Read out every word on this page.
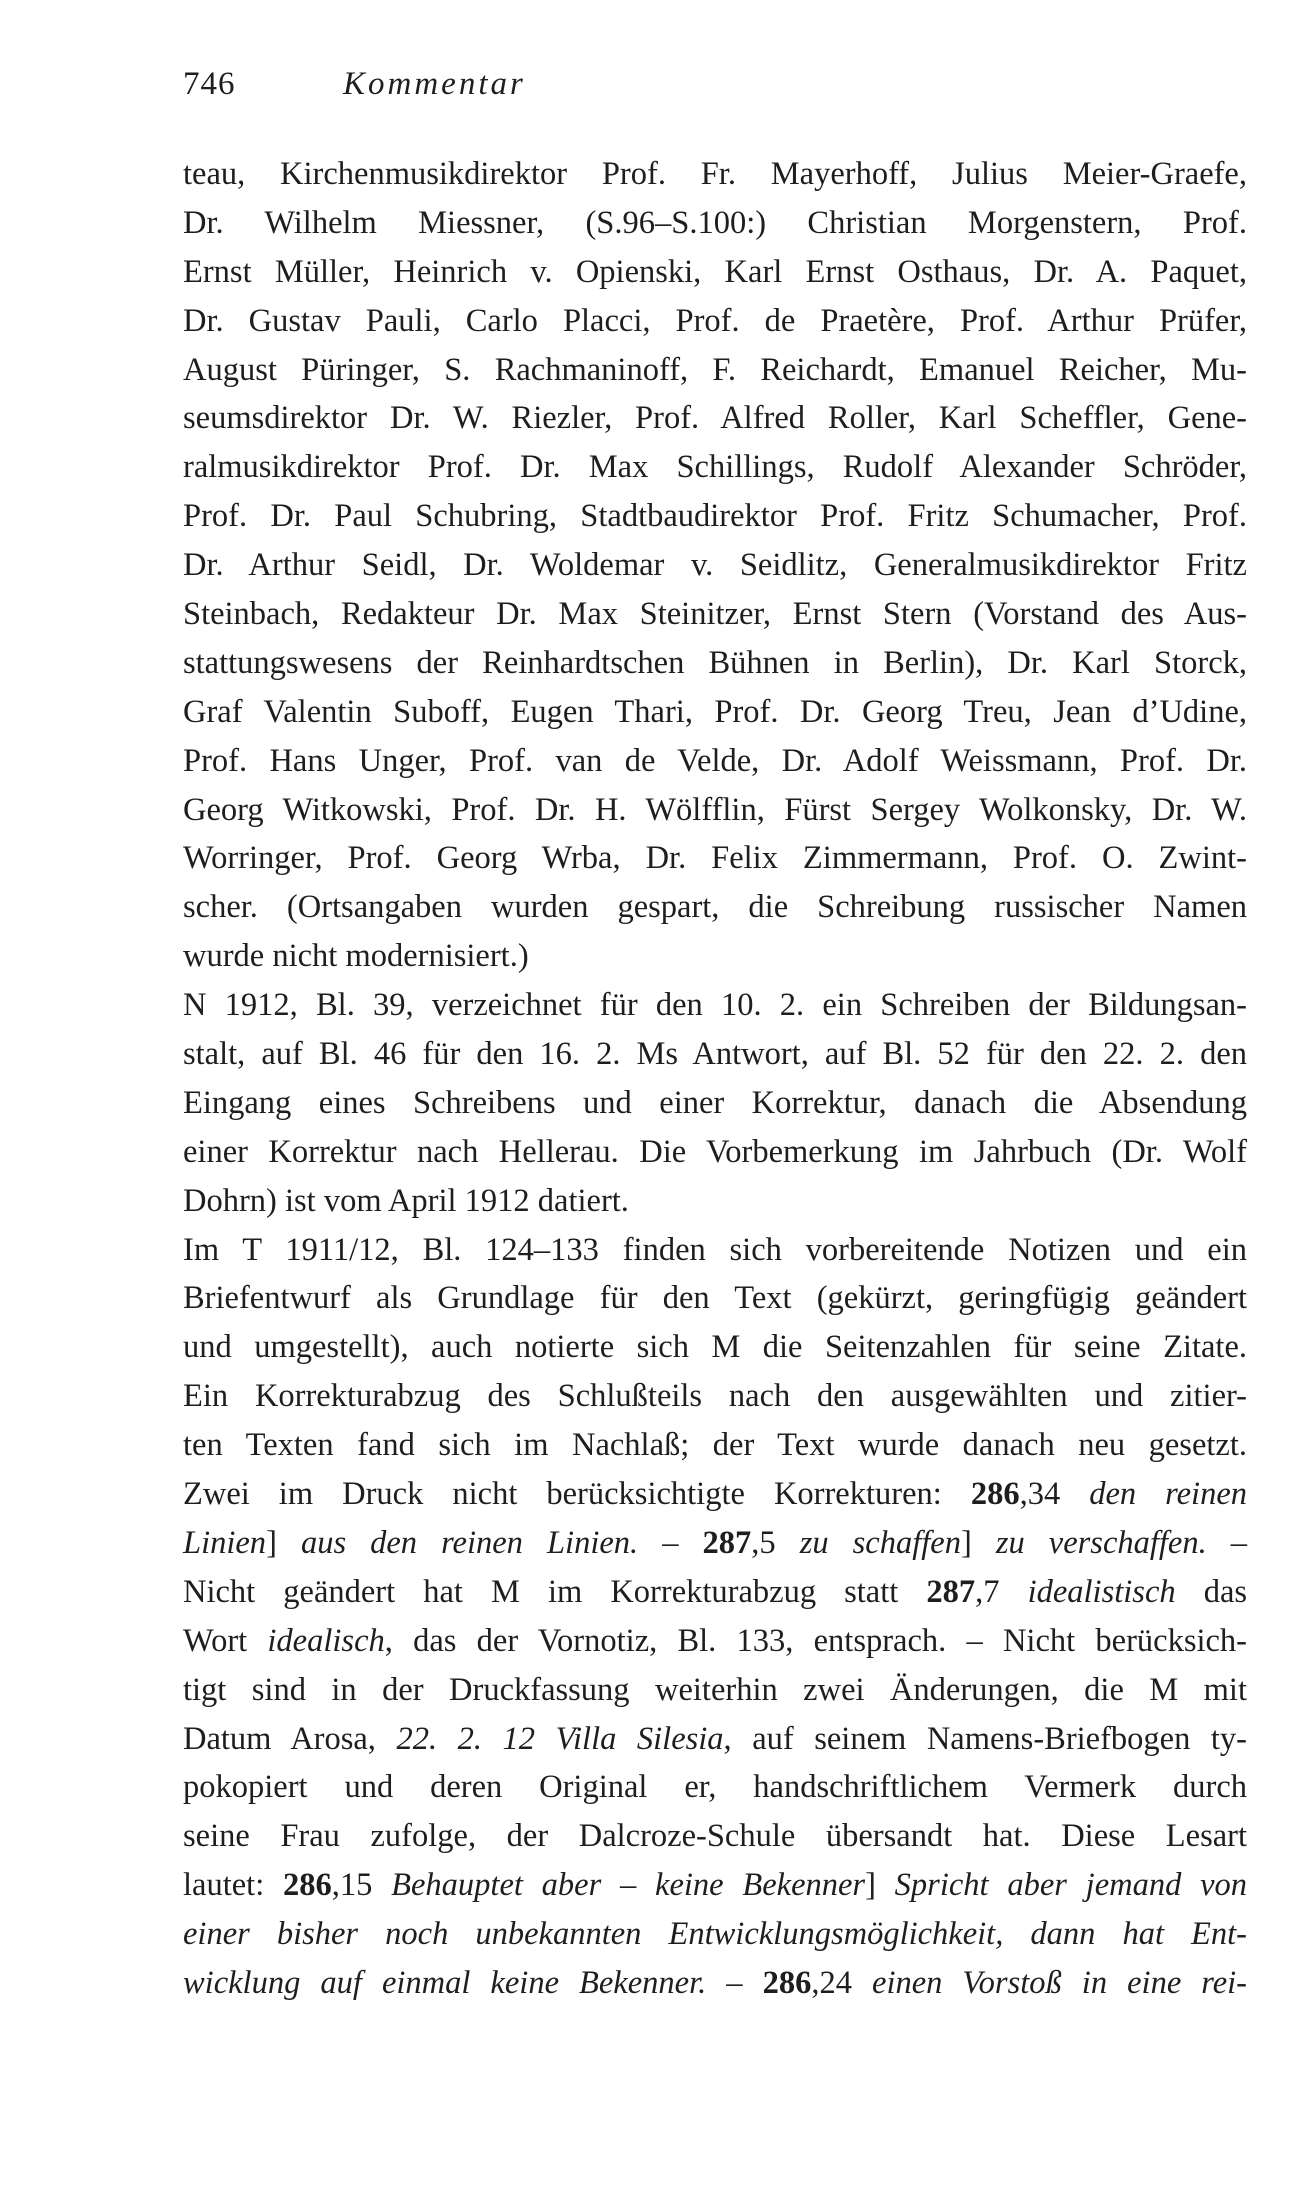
746	Kommentar
teau, Kirchenmusikdirektor Prof. Fr. Mayerhoff, Julius Meier-Graefe,
Dr. Wilhelm Miessner, (S.96–S.100:) Christian Morgenstern, Prof.
Ernst Müller, Heinrich v. Opienski, Karl Ernst Osthaus, Dr. A. Paquet,
Dr. Gustav Pauli, Carlo Placci, Prof. de Praetère, Prof. Arthur Prüfer,
August Püringer, S. Rachmaninoff, F. Reichardt, Emanuel Reicher, Mu-
seumsdirektor Dr. W. Riezler, Prof. Alfred Roller, Karl Scheffler, Gene-
ralmusikdirektor Prof. Dr. Max Schillings, Rudolf Alexander Schröder,
Prof. Dr. Paul Schubring, Stadtbaudirektor Prof. Fritz Schumacher, Prof.
Dr. Arthur Seidl, Dr. Woldemar v. Seidlitz, Generalmusikdirektor Fritz
Steinbach, Redakteur Dr. Max Steinitzer, Ernst Stern (Vorstand des Aus-
stattungswesens der Reinhardtschen Bühnen in Berlin), Dr. Karl Storck,
Graf Valentin Suboff, Eugen Thari, Prof. Dr. Georg Treu, Jean d’Udine,
Prof. Hans Unger, Prof. van de Velde, Dr. Adolf Weissmann, Prof. Dr.
Georg Witkowski, Prof. Dr. H. Wölfflin, Fürst Sergey Wolkonsky, Dr. W.
Worringer, Prof. Georg Wrba, Dr. Felix Zimmermann, Prof. O. Zwint-
scher. (Ortsangaben wurden gespart, die Schreibung russischer Namen
wurde nicht modernisiert.)
N 1912, Bl. 39, verzeichnet für den 10. 2. ein Schreiben der Bildungsan-
stalt, auf Bl. 46 für den 16. 2. Ms Antwort, auf Bl. 52 für den 22. 2. den
Eingang eines Schreibens und einer Korrektur, danach die Absendung
einer Korrektur nach Hellerau. Die Vorbemerkung im Jahrbuch (Dr. Wolf
Dohrn) ist vom April 1912 datiert.
Im T 1911/12, Bl. 124–133 finden sich vorbereitende Notizen und ein
Briefentwurf als Grundlage für den Text (gekürzt, geringfügig geändert
und umgestellt), auch notierte sich M die Seitenzahlen für seine Zitate.
Ein Korrekturabzug des Schlußteils nach den ausgewählten und zitier-
ten Texten fand sich im Nachlaß; der Text wurde danach neu gesetzt.
Zwei im Druck nicht berücksichtigte Korrekturen: 286,34 den reinen
Linien] aus den reinen Linien. – 287,5 zu schaffen] zu verschaffen. –
Nicht geändert hat M im Korrekturabzug statt 287,7 idealistisch das
Wort idealisch, das der Vornotiz, Bl. 133, entsprach. – Nicht berücksich-
tigt sind in der Druckfassung weiterhin zwei Änderungen, die M mit
Datum Arosa, 22. 2. 12 Villa Silesia, auf seinem Namens-Briefbogen ty-
pokopiert und deren Original er, handschriftlichem Vermerk durch
seine Frau zufolge, der Dalcroze-Schule übersandt hat. Diese Lesart
lautet: 286,15 Behauptet aber – keine Bekenner] Spricht aber jemand von
einer bisher noch unbekannten Entwicklungsmöglichkeit, dann hat Ent-
wicklung auf einmal keine Bekenner. – 286,24 einen Vorstoß in eine rei-
